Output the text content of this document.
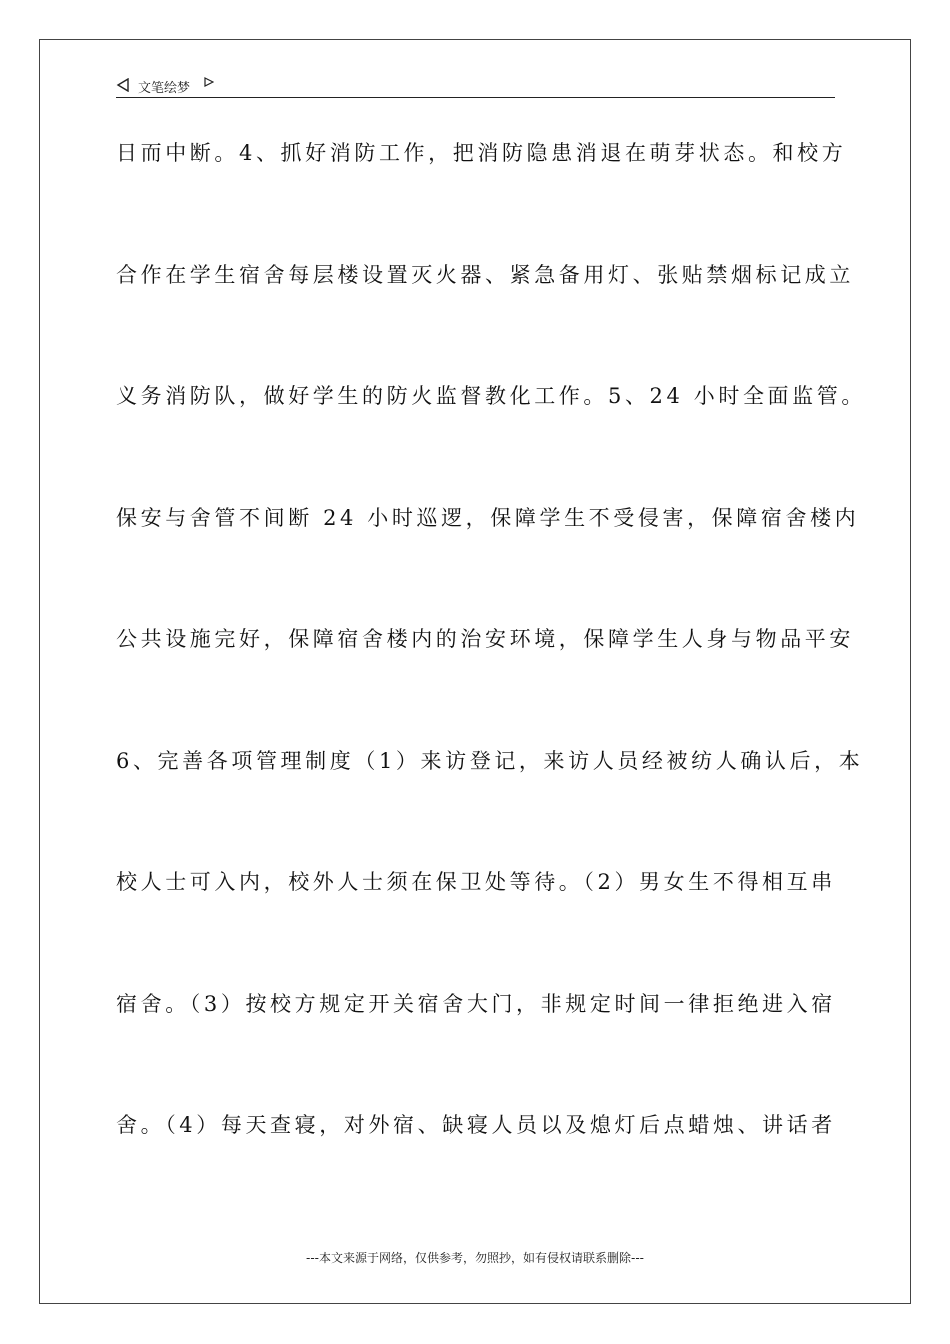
文笔绘梦
日而中断。4、抓好消防工作，把消防隐患消退在萌芽状态。和校方
合作在学生宿舍每层楼设置灭火器、紧急备用灯、张贴禁烟标记成立
义务消防队，做好学生的防火监督教化工作。5、24 小时全面监管。
保安与舍管不间断 24 小时巡逻，保障学生不受侵害，保障宿舍楼内
公共设施完好，保障宿舍楼内的治安环境，保障学生人身与物品平安
6、完善各项管理制度（1）来访登记，来访人员经被纺人确认后，本
校人士可入内，校外人士须在保卫处等待。（2）男女生不得相互串
宿舍。（3）按校方规定开关宿舍大门，非规定时间一律拒绝进入宿
舍。（4）每天查寝，对外宿、缺寝人员以及熄灯后点蜡烛、讲话者
---本文来源于网络，仅供参考，勿照抄，如有侵权请联系删除---
